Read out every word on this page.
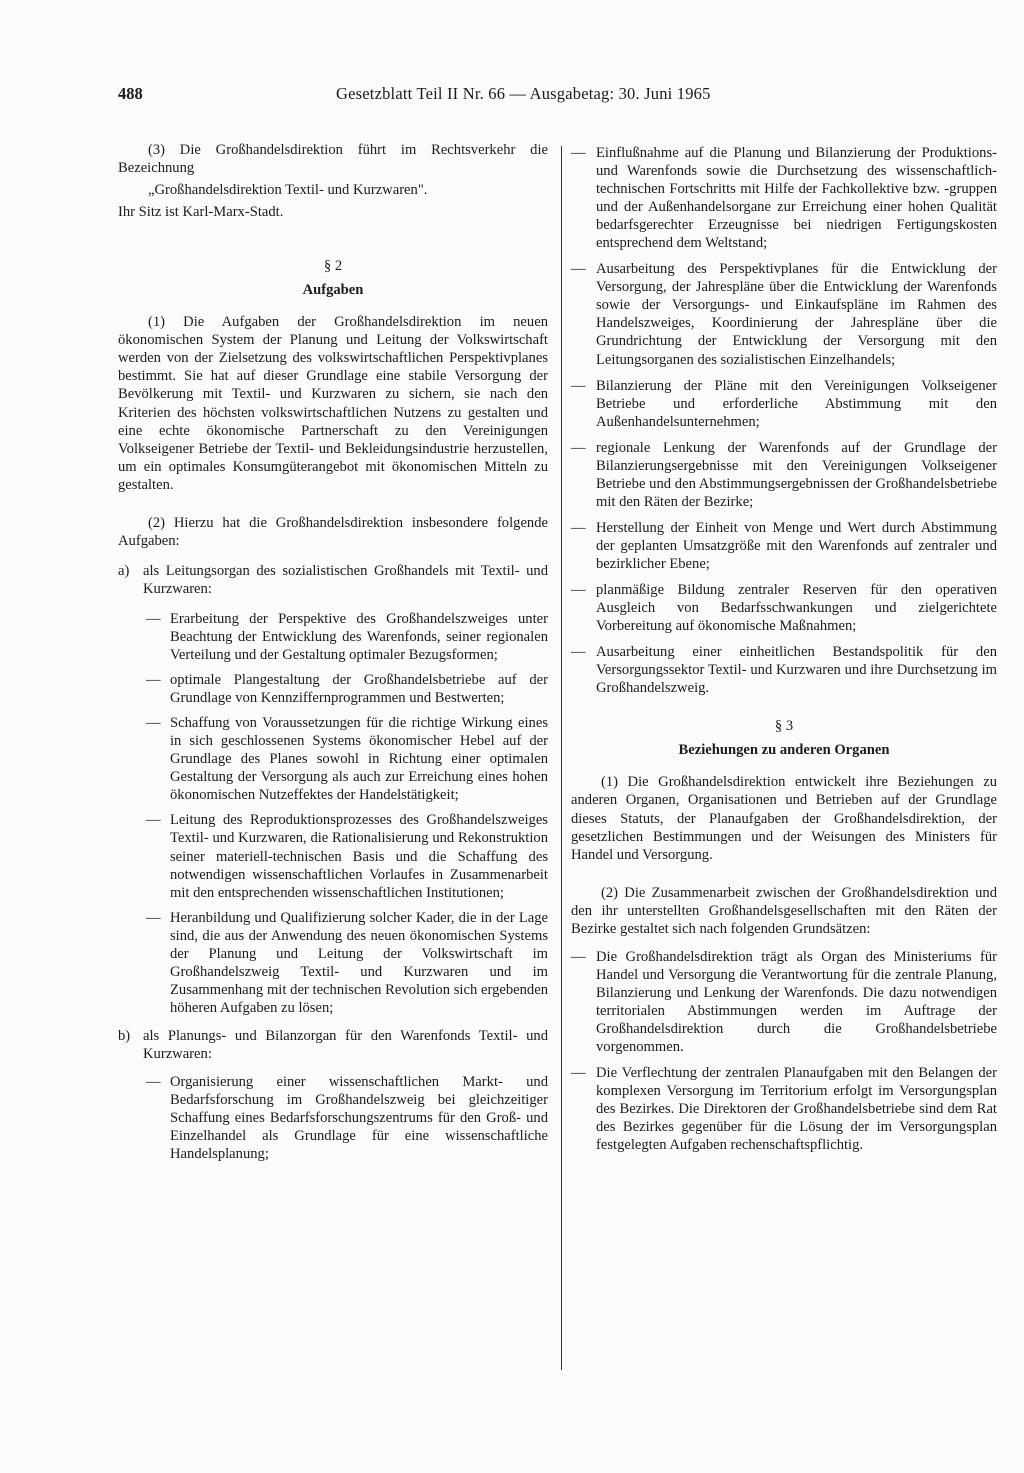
488	Gesetzblatt Teil II Nr. 66 — Ausgabetag: 30. Juni 1965

(3) Die Großhandelsdirektion führt im Rechtsverkehr die Bezeichnung

„Großhandelsdirektion Textil- und Kurzwaren".

Ihr Sitz ist Karl-Marx-Stadt.

§ 2
Aufgaben

(1) Die Aufgaben der Großhandelsdirektion im neuen ökonomischen System der Planung und Leitung der Volkswirtschaft werden von der Zielsetzung des volkswirtschaftlichen Perspektivplanes bestimmt. Sie hat auf dieser Grundlage eine stabile Versorgung der Bevölkerung mit Textil- und Kurzwaren zu sichern, sie nach den Kriterien des höchsten volkswirtschaftlichen Nutzens zu gestalten und eine echte ökonomische Partnerschaft zu den Vereinigungen Volkseigener Betriebe der Textil- und Bekleidungsindustrie herzustellen, um ein optimales Konsumgüterangebot mit ökonomischen Mitteln zu gestalten.

(2) Hierzu hat die Großhandelsdirektion insbesondere folgende Aufgaben:

a) als Leitungsorgan des sozialistischen Großhandels mit Textil- und Kurzwaren:
— Erarbeitung der Perspektive des Großhandelszweiges unter Beachtung der Entwicklung des Warenfonds, seiner regionalen Verteilung und der Gestaltung optimaler Bezugsformen;
— optimale Plangestaltung der Großhandelsbetriebe auf der Grundlage von Kennziffernprogrammen und Bestwerten;
— Schaffung von Voraussetzungen für die richtige Wirkung eines in sich geschlossenen Systems ökonomischer Hebel auf der Grundlage des Planes sowohl in Richtung einer optimalen Gestaltung der Versorgung als auch zur Erreichung eines hohen ökonomischen Nutzeffektes der Handelstätigkeit;
— Leitung des Reproduktionsprozesses des Großhandelszweiges Textil- und Kurzwaren, die Rationalisierung und Rekonstruktion seiner materiell-technischen Basis und die Schaffung des notwendigen wissenschaftlichen Vorlaufes in Zusammenarbeit mit den entsprechenden wissenschaftlichen Institutionen;
— Heranbildung und Qualifizierung solcher Kader, die in der Lage sind, die aus der Anwendung des neuen ökonomischen Systems der Planung und Leitung der Volkswirtschaft im Großhandelszweig Textil- und Kurzwaren und im Zusammenhang mit der technischen Revolution sich ergebenden höheren Aufgaben zu lösen;
b) als Planungs- und Bilanzorgan für den Warenfonds Textil- und Kurzwaren:
— Organisierung einer wissenschaftlichen Markt- und Bedarfsforschung im Großhandelszweig bei gleichzeitiger Schaffung eines Bedarfsforschungszentrums für den Groß- und Einzelhandel als Grundlage für eine wissenschaftliche Handelsplanung;
— Einflußnahme auf die Planung und Bilanzierung der Produktions- und Warenfonds sowie die Durchsetzung des wissenschaftlich-technischen Fortschritts mit Hilfe der Fachkollektive bzw. -gruppen und der Außenhandelsorgane zur Erreichung einer hohen Qualität bedarfsgerechter Erzeugnisse bei niedrigen Fertigungskosten entsprechend dem Weltstand;
— Ausarbeitung des Perspektivplanes für die Entwicklung der Versorgung, der Jahrespläne über die Entwicklung der Warenfonds sowie der Versorgungs- und Einkaufspläne im Rahmen des Handelszweiges, Koordinierung der Jahrespläne über die Grundrichtung der Entwicklung der Versorgung mit den Leitungsorganen des sozialistischen Einzelhandels;
— Bilanzierung der Pläne mit den Vereinigungen Volkseigener Betriebe und erforderliche Abstimmung mit den Außenhandelsunternehmen;
— regionale Lenkung der Warenfonds auf der Grundlage der Bilanzierungsergebnisse mit den Vereinigungen Volkseigener Betriebe und den Abstimmungsergebnissen der Großhandelsbetriebe mit den Räten der Bezirke;
— Herstellung der Einheit von Menge und Wert durch Abstimmung der geplanten Umsatzgröße mit den Warenfonds auf zentraler und bezirklicher Ebene;
— planmäßige Bildung zentraler Reserven für den operativen Ausgleich von Bedarfsschwankungen und zielgerichtete Vorbereitung auf ökonomische Maßnahmen;
— Ausarbeitung einer einheitlichen Bestandspolitik für den Versorgungssektor Textil- und Kurzwaren und ihre Durchsetzung im Großhandelszweig.
§ 3
Beziehungen zu anderen Organen

(1) Die Großhandelsdirektion entwickelt ihre Beziehungen zu anderen Organen, Organisationen und Betrieben auf der Grundlage dieses Statuts, der Planaufgaben der Großhandelsdirektion, der gesetzlichen Bestimmungen und der Weisungen des Ministers für Handel und Versorgung.

(2) Die Zusammenarbeit zwischen der Großhandelsdirektion und den ihr unterstellten Großhandelsgesellschaften mit den Räten der Bezirke gestaltet sich nach folgenden Grundsätzen:

— Die Großhandelsdirektion trägt als Organ des Ministeriums für Handel und Versorgung die Verantwortung für die zentrale Planung, Bilanzierung und Lenkung der Warenfonds. Die dazu notwendigen territorialen Abstimmungen werden im Auftrage der Großhandelsdirektion durch die Großhandelsbetriebe vorgenommen.
— Die Verflechtung der zentralen Planaufgaben mit den Belangen der komplexen Versorgung im Territorium erfolgt im Versorgungsplan des Bezirkes. Die Direktoren der Großhandelsbetriebe sind dem Rat des Bezirkes gegenüber für die Lösung der im Versorgungsplan festgelegten Aufgaben rechenschaftspflichtig.
